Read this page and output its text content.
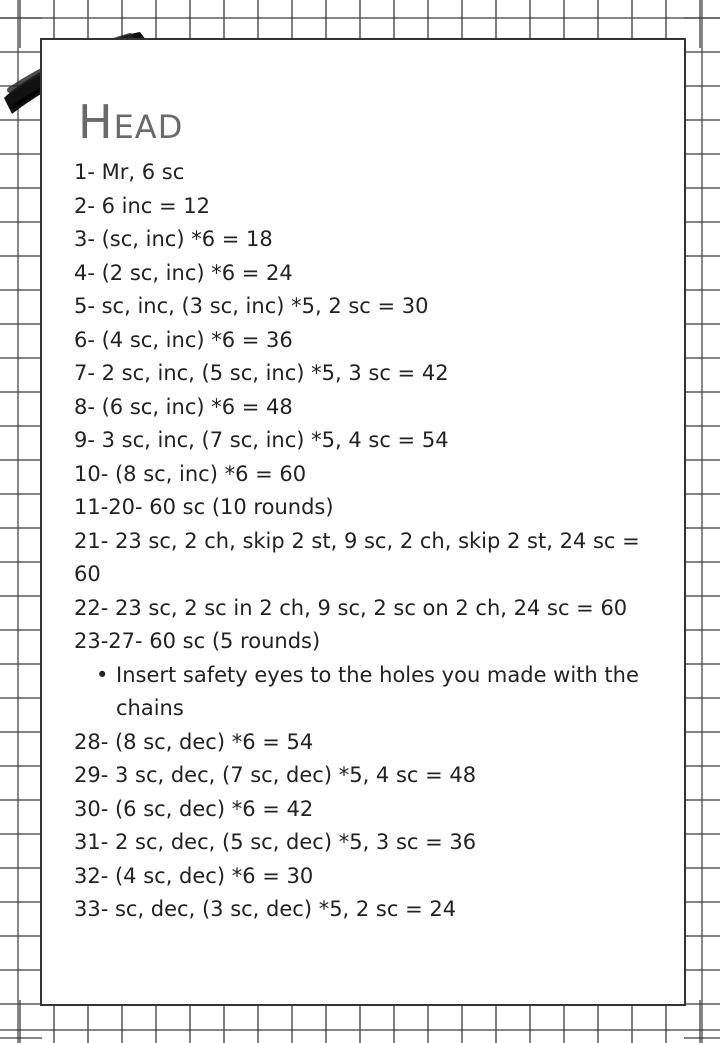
Head
1- Mr, 6 sc
2- 6 inc = 12
3- (sc, inc) *6 = 18
4- (2 sc, inc) *6 = 24
5- sc, inc, (3 sc, inc) *5, 2 sc = 30
6- (4 sc, inc) *6 = 36
7- 2 sc, inc, (5 sc, inc) *5, 3 sc = 42
8- (6 sc, inc) *6 = 48
9- 3 sc, inc, (7 sc, inc) *5, 4 sc = 54
10- (8 sc, inc) *6 = 60
11-20- 60 sc (10 rounds)
21- 23 sc, 2 ch, skip 2 st, 9 sc, 2 ch, skip 2 st, 24 sc = 60
22- 23 sc, 2 sc in 2 ch, 9 sc, 2 sc on 2 ch, 24 sc = 60
23-27- 60 sc (5 rounds)
• Insert safety eyes to the holes you made with the chains
28- (8 sc, dec) *6 = 54
29- 3 sc, dec, (7 sc, dec) *5, 4 sc = 48
30- (6 sc, dec) *6 = 42
31- 2 sc, dec, (5 sc, dec) *5, 3 sc = 36
32- (4 sc, dec) *6 = 30
33- sc, dec, (3 sc, dec) *5, 2 sc = 24
